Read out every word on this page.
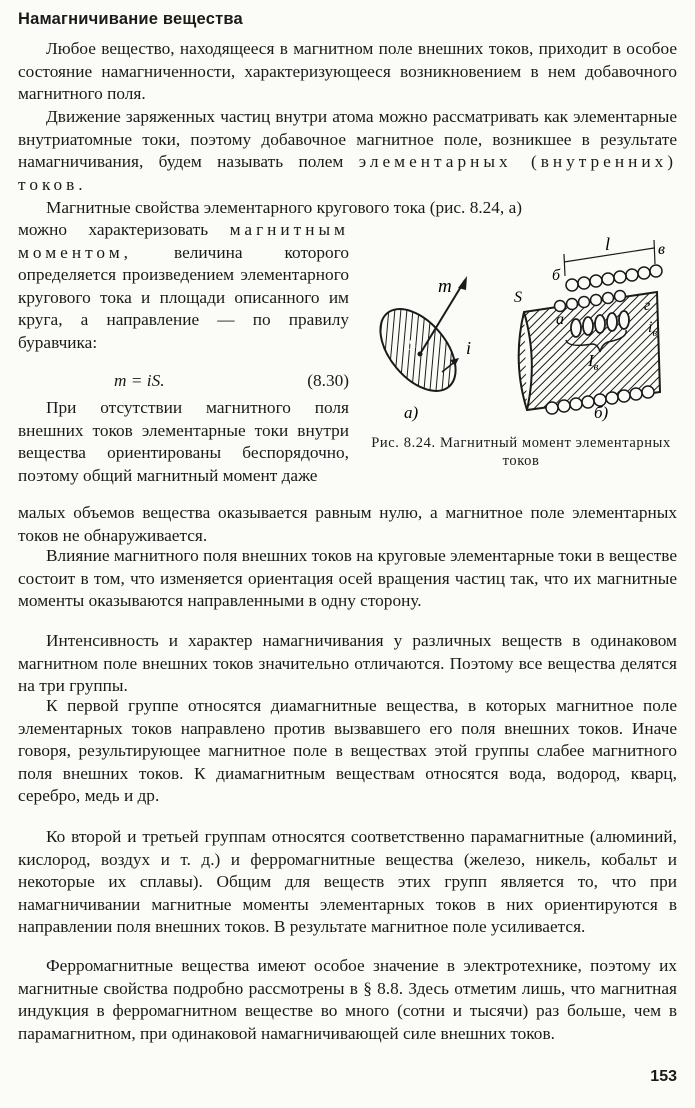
Намагничивание вещества

Любое вещество, находящееся в магнитном поле внешних токов, приходит в особое состояние намагниченности, характеризующееся возникновением в нем добавочного магнитного поля.

Движение заряженных частиц внутри атома можно рассматривать как элементарные внутриатомные токи, поэтому добавочное магнитное поле, возникшее в результате намагничивания, будем называть полем элементарных (внутренних) токов.

Магнитные свойства элементарного кругового тока (рис. 8.24, а)

можно характеризовать магнитным моментом, величина которого определяется произведением элементарного кругового тока и площади описанного им круга, а направление — по правилу буравчика:

m = iS.	(8.30)

При отсутствии магнитного поля внешних токов элементарные токи внутри вещества ориентированы беспорядочно, поэтому общий магнитный момент даже

малых объемов вещества оказывается равным нулю, а магнитное поле элементарных токов не обнаруживается.

Влияние магнитного поля внешних токов на круговые элементарные токи в веществе состоит в том, что изменяется ориентация осей вращения частиц так, что их магнитные моменты оказываются направленными в одну сторону.

Интенсивность и характер намагничивания у различных веществ в одинаковом магнитном поле внешних токов значительно отличаются. Поэтому все вещества делятся на три группы.

К первой группе относятся диамагнитные вещества, в которых магнитное поле элементарных токов направлено против вызвавшего его поля внешних токов. Иначе говоря, результирующее магнитное поле в веществах этой группы слабее магнитного поля внешних токов. К диамагнитным веществам относятся вода, водород, кварц, серебро, медь и др.

Ко второй и третьей группам относятся соответственно парамагнитные (алюминий, кислород, воздух и т. д.) и ферромагнитные вещества (железо, никель, кобальт и некоторые их сплавы). Общим для веществ этих групп является то, что при намагничивании магнитные моменты элементарных токов в них ориентируются в направлении поля внешних токов. В результате магнитное поле усиливается.

Ферромагнитные вещества имеют особое значение в электротехнике, поэтому их магнитные свойства подробно рассмотрены в § 8.8. Здесь отметим лишь, что магнитная индукция в ферромагнитном веществе во много (сотни и тысячи) раз больше, чем в парамагнитном, при одинаковой намагничивающей силе внешних токов.

m
S	i
а)
l	в
б
S
а
г
$i_в$
$I_в$
б)
Рис. 8.24. Магнитный момент элементарных токов
153
